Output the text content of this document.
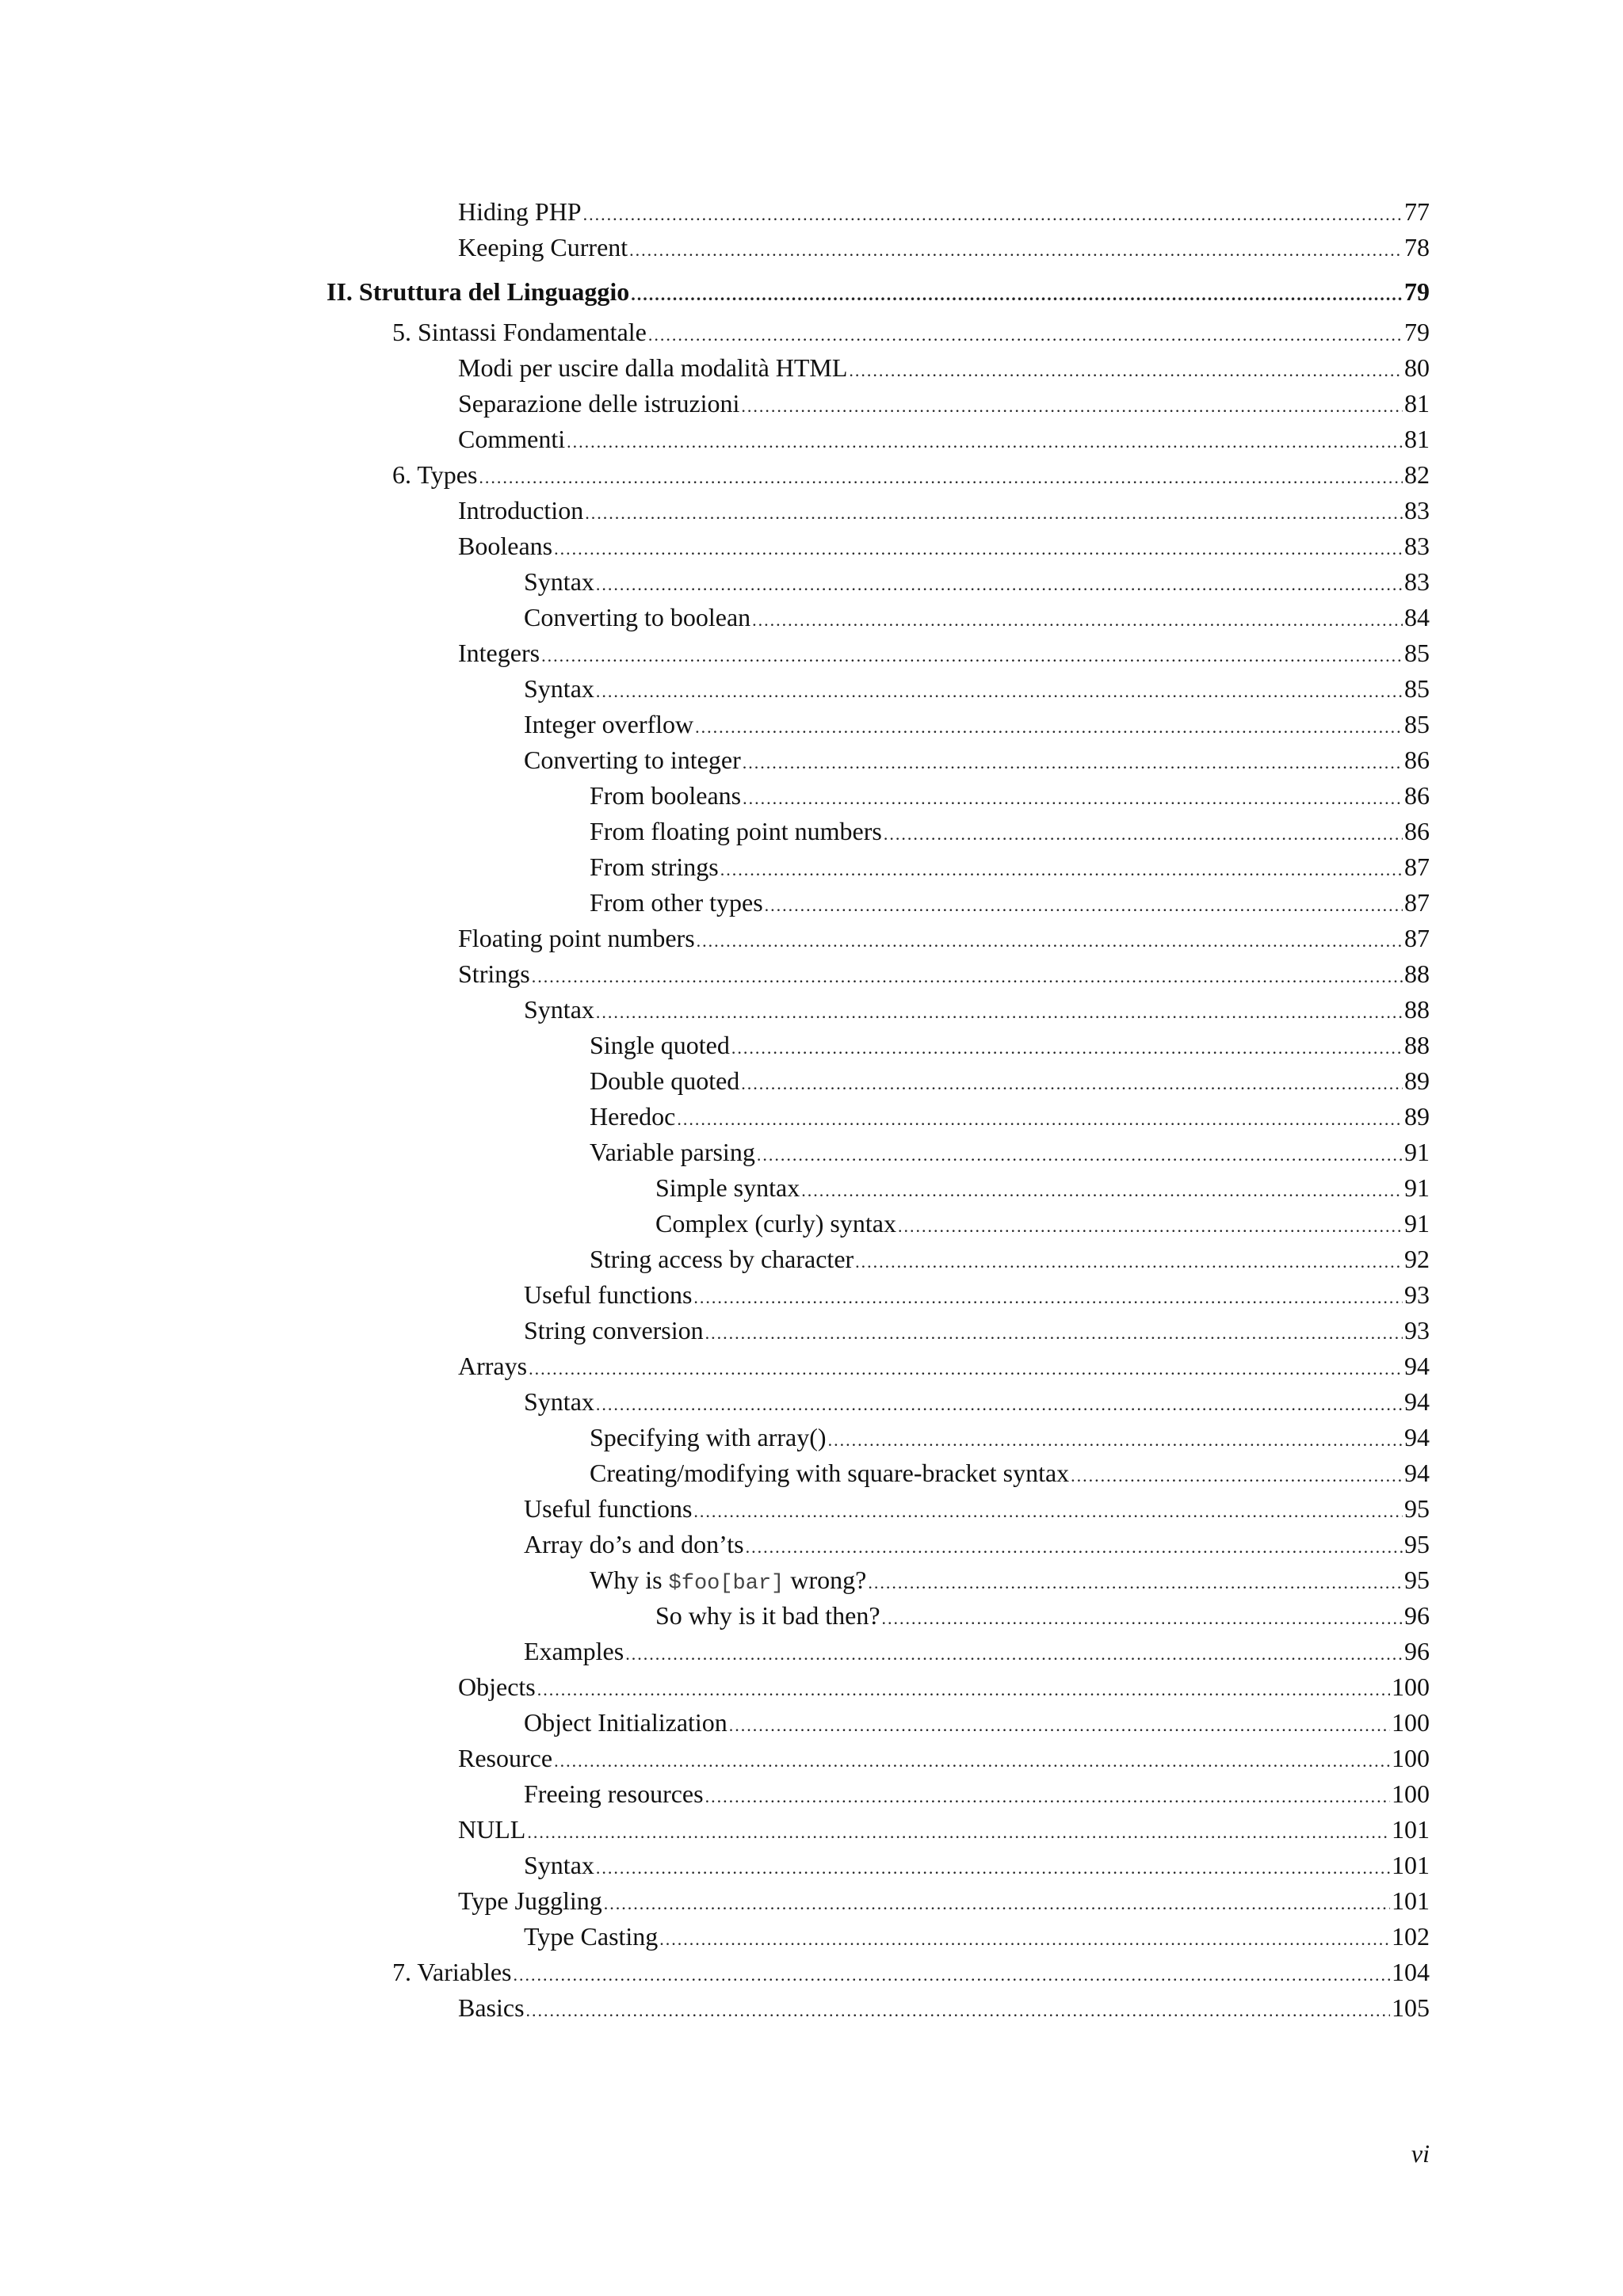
Hiding PHP .....	77
Keeping Current .....	78
II. Struttura del Linguaggio .....	79
5. Sintassi Fondamentale .....	79
Modi per uscire dalla modalità HTML .....	80
Separazione delle istruzioni .....	81
Commenti .....	81
6. Types .....	82
Introduction .....	83
Booleans .....	83
Syntax .....	83
Converting to boolean .....	84
Integers .....	85
Syntax .....	85
Integer overflow .....	85
Converting to integer .....	86
From booleans .....	86
From floating point numbers .....	86
From strings .....	87
From other types .....	87
Floating point numbers .....	87
Strings .....	88
Syntax .....	88
Single quoted .....	88
Double quoted .....	89
Heredoc .....	89
Variable parsing .....	91
Simple syntax .....	91
Complex (curly) syntax .....	91
String access by character .....	92
Useful functions .....	93
String conversion .....	93
Arrays .....	94
Syntax .....	94
Specifying with array() .....	94
Creating/modifying with square-bracket syntax .....	94
Useful functions .....	95
Array do’s and don’ts .....	95
Why is $foo[bar] wrong? .....	95
So why is it bad then? .....	96
Examples .....	96
Objects .....	100
Object Initialization .....	100
Resource .....	100
Freeing resources .....	100
NULL .....	101
Syntax .....	101
Type Juggling .....	101
Type Casting .....	102
7. Variables .....	104
Basics .....	105
vi
